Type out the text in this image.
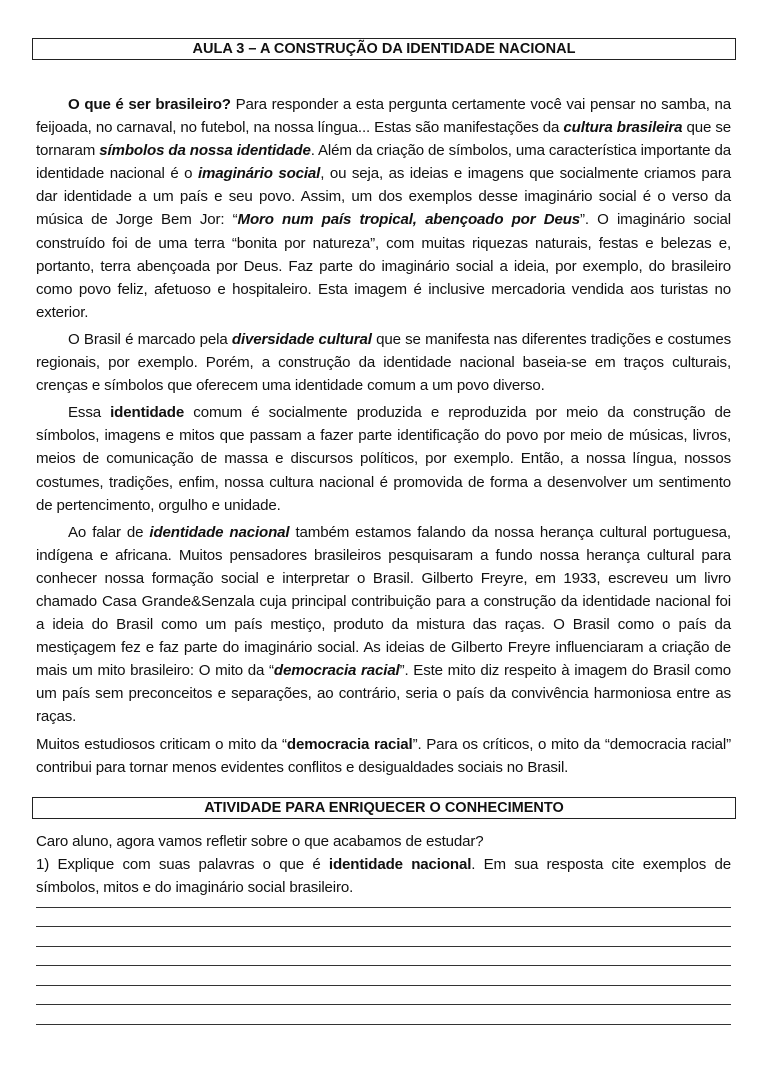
AULA 3 – A CONSTRUÇÃO DA IDENTIDADE NACIONAL

O que é ser brasileiro? Para responder a esta pergunta certamente você vai pensar no samba, na feijoada, no carnaval, no futebol, na nossa língua... Estas são manifestações da cultura brasileira que se tornaram símbolos da nossa identidade. Além da criação de símbolos, uma característica importante da identidade nacional é o imaginário social, ou seja, as ideias e imagens que socialmente criamos para dar identidade a um país e seu povo. Assim, um dos exemplos desse imaginário social é o verso da música de Jorge Bem Jor: “Moro num país tropical, abençoado por Deus”. O imaginário social construído foi de uma terra “bonita por natureza”, com muitas riquezas naturais, festas e belezas e, portanto, terra abençoada por Deus. Faz parte do imaginário social a ideia, por exemplo, do brasileiro como povo feliz, afetuoso e hospitaleiro. Esta imagem é inclusive mercadoria vendida aos turistas no exterior.

O Brasil é marcado pela diversidade cultural que se manifesta nas diferentes tradições e costumes regionais, por exemplo. Porém, a construção da identidade nacional baseia-se em traços culturais, crenças e símbolos que oferecem uma identidade comum a um povo diverso.

Essa identidade comum é socialmente produzida e reproduzida por meio da construção de símbolos, imagens e mitos que passam a fazer parte identificação do povo por meio de músicas, livros, meios de comunicação de massa e discursos políticos, por exemplo. Então, a nossa língua, nossos costumes, tradições, enfim, nossa cultura nacional é promovida de forma a desenvolver um sentimento de pertencimento, orgulho e unidade.

Ao falar de identidade nacional também estamos falando da nossa herança cultural portuguesa, indígena e africana. Muitos pensadores brasileiros pesquisaram a fundo nossa herança cultural para conhecer nossa formação social e interpretar o Brasil. Gilberto Freyre, em 1933, escreveu um livro chamado Casa Grande&Senzala cuja principal contribuição para a construção da identidade nacional foi a ideia do Brasil como um país mestiço, produto da mistura das raças. O Brasil como o país da mestiçagem fez e faz parte do imaginário social. As ideias de Gilberto Freyre influenciaram a criação de mais um mito brasileiro: O mito da “democracia racial”. Este mito diz respeito à imagem do Brasil como um país sem preconceitos e separações, ao contrário, seria o país da convivência harmoniosa entre as raças.

Muitos estudiosos criticam o mito da “democracia racial”. Para os críticos, o mito da “democracia racial” contribui para tornar menos evidentes conflitos e desigualdades sociais no Brasil.

ATIVIDADE PARA ENRIQUECER O CONHECIMENTO

Caro aluno, agora vamos refletir sobre o que acabamos de estudar?

1) Explique com suas palavras o que é identidade nacional. Em sua resposta cite exemplos de símbolos, mitos e do imaginário social brasileiro.
